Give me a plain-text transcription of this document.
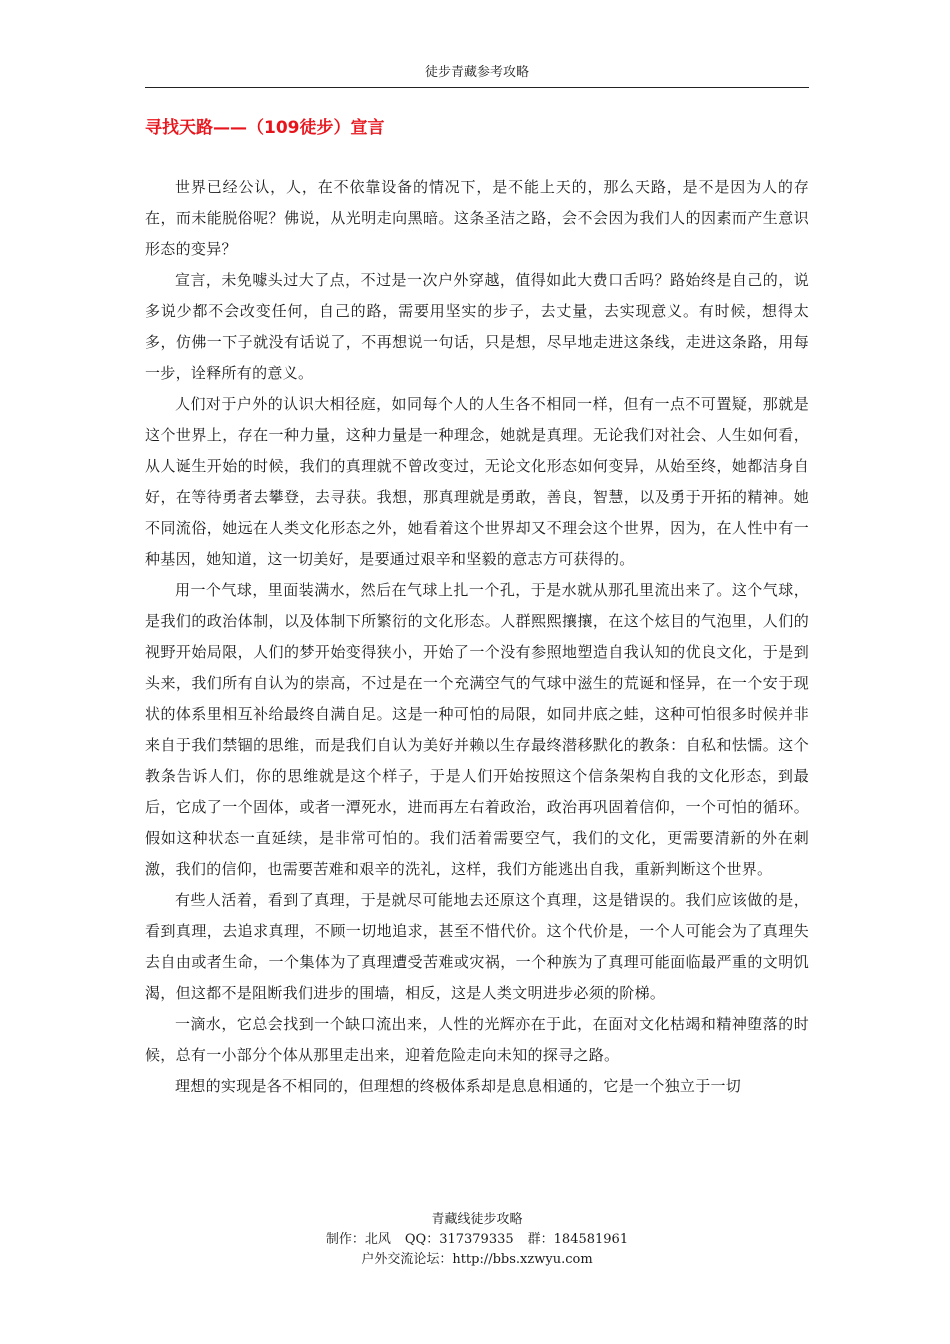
徒步青藏参考攻略
寻找天路——（109徒步）宣言

世界已经公认，人，在不依靠设备的情况下，是不能上天的，那么天路，是不是因为人的存在，而未能脱俗呢？佛说，从光明走向黑暗。这条圣洁之路，会不会因为我们人的因素而产生意识形态的变异？

宣言，未免噱头过大了点，不过是一次户外穿越，值得如此大费口舌吗？路始终是自己的，说多说少都不会改变任何，自己的路，需要用坚实的步子，去丈量，去实现意义。有时候，想得太多，仿佛一下子就没有话说了，不再想说一句话，只是想，尽早地走进这条线，走进这条路，用每一步，诠释所有的意义。

人们对于户外的认识大相径庭，如同每个人的人生各不相同一样，但有一点不可置疑，那就是这个世界上，存在一种力量，这种力量是一种理念，她就是真理。无论我们对社会、人生如何看，从人诞生开始的时候，我们的真理就不曾改变过，无论文化形态如何变异，从始至终，她都洁身自好，在等待勇者去攀登，去寻获。我想，那真理就是勇敢，善良，智慧，以及勇于开拓的精神。她不同流俗，她远在人类文化形态之外，她看着这个世界却又不理会这个世界，因为，在人性中有一种基因，她知道，这一切美好，是要通过艰辛和坚毅的意志方可获得的。

用一个气球，里面装满水，然后在气球上扎一个孔，于是水就从那孔里流出来了。这个气球，是我们的政治体制，以及体制下所繁衍的文化形态。人群熙熙攘攘，在这个炫目的气泡里，人们的视野开始局限，人们的梦开始变得狭小，开始了一个没有参照地塑造自我认知的优良文化，于是到头来，我们所有自认为的崇高，不过是在一个充满空气的气球中滋生的荒诞和怪异，在一个安于现状的体系里相互补给最终自满自足。这是一种可怕的局限，如同井底之蛙，这种可怕很多时候并非来自于我们禁锢的思维，而是我们自认为美好并赖以生存最终潜移默化的教条：自私和怯懦。这个教条告诉人们，你的思维就是这个样子，于是人们开始按照这个信条架构自我的文化形态，到最后，它成了一个固体，或者一潭死水，进而再左右着政治，政治再巩固着信仰，一个可怕的循环。假如这种状态一直延续，是非常可怕的。我们活着需要空气，我们的文化，更需要清新的外在刺激，我们的信仰，也需要苦难和艰辛的洗礼，这样，我们方能逃出自我，重新判断这个世界。

有些人活着，看到了真理，于是就尽可能地去还原这个真理，这是错误的。我们应该做的是，看到真理，去追求真理，不顾一切地追求，甚至不惜代价。这个代价是，一个人可能会为了真理失去自由或者生命，一个集体为了真理遭受苦难或灾祸，一个种族为了真理可能面临最严重的文明饥渴，但这都不是阻断我们进步的围墙，相反，这是人类文明进步必须的阶梯。

一滴水，它总会找到一个缺口流出来，人性的光辉亦在于此，在面对文化枯竭和精神堕落的时候，总有一小部分个体从那里走出来，迎着危险走向未知的探寻之路。

理想的实现是各不相同的，但理想的终极体系却是息息相通的，它是一个独立于一切

青藏线徒步攻略
制作：北风 QQ：317379335 群：184581961
户外交流论坛：http://bbs.xzwyu.com
